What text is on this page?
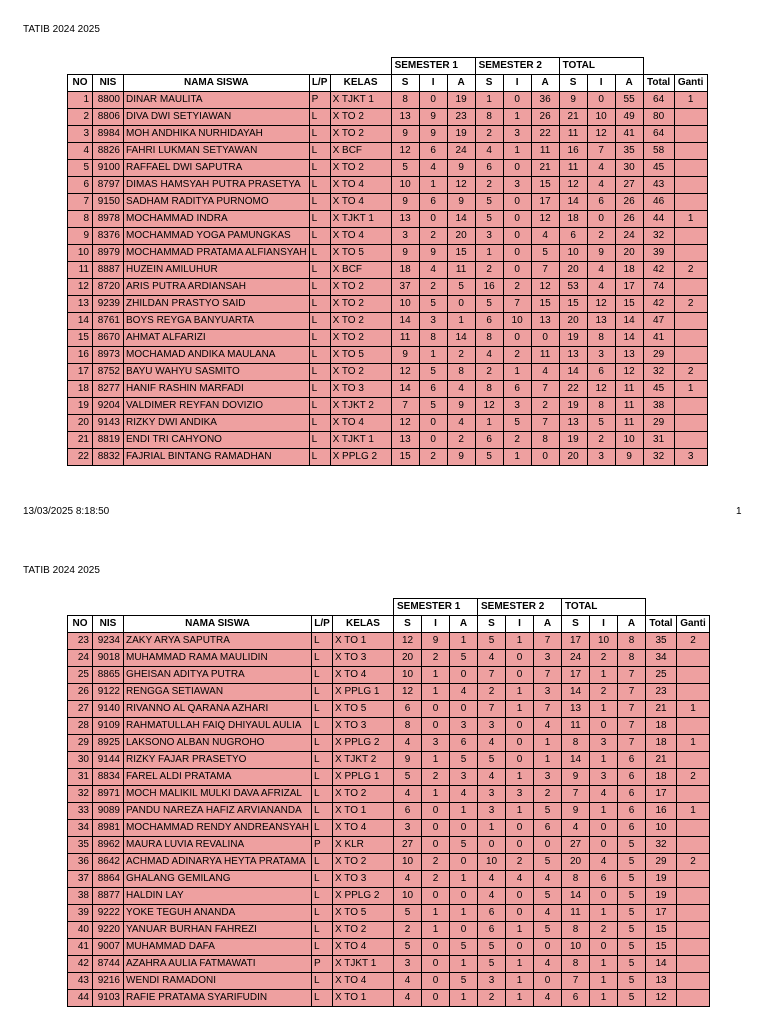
TATIB 2024 2025
					SEMESTER 1			SEMESTER 2			TOTAL				
NO	NIS	NAMA SISWA	L/P	KELAS	S	I	A	S	I	A	S	I	A	Total	Ganti
1	8800	DINAR MAULITA	P	X TJKT 1	8	0	19	1	0	36	9	0	55	64	1
2	8806	DIVA DWI SETYIAWAN	L	X TO 2	13	9	23	8	1	26	21	10	49	80	
3	8984	MOH ANDHIKA NURHIDAYAH	L	X TO 2	9	9	19	2	3	22	11	12	41	64	
4	8826	FAHRI LUKMAN SETYAWAN	L	X BCF	12	6	24	4	1	11	16	7	35	58	
5	9100	RAFFAEL DWI SAPUTRA	L	X TO 2	5	4	9	6	0	21	11	4	30	45	
6	8797	DIMAS HAMSYAH PUTRA PRASETYA	L	X TO 4	10	1	12	2	3	15	12	4	27	43	
7	9150	SADHAM RADITYA PURNOMO	L	X TO 4	9	6	9	5	0	17	14	6	26	46	
8	8978	MOCHAMMAD INDRA	L	X TJKT 1	13	0	14	5	0	12	18	0	26	44	1
9	8376	MOCHAMMAD YOGA PAMUNGKAS	L	X TO 4	3	2	20	3	0	4	6	2	24	32	
10	8979	MOCHAMMAD PRATAMA ALFIANSYAH	L	X TO 5	9	9	15	1	0	5	10	9	20	39	
11	8887	HUZEIN AMILUHUR	L	X BCF	18	4	11	2	0	7	20	4	18	42	2
12	8720	ARIS PUTRA ARDIANSAH	L	X TO 2	37	2	5	16	2	12	53	4	17	74	
13	9239	ZHILDAN PRASTYO SAID	L	X TO 2	10	5	0	5	7	15	15	12	15	42	2
14	8761	BOYS REYGA BANYUARTA	L	X TO 2	14	3	1	6	10	13	20	13	14	47	
15	8670	AHMAT ALFARIZI	L	X TO 2	11	8	14	8	0	0	19	8	14	41	
16	8973	MOCHAMAD ANDIKA MAULANA	L	X TO 5	9	1	2	4	2	11	13	3	13	29	
17	8752	BAYU WAHYU SASMITO	L	X TO 2	12	5	8	2	1	4	14	6	12	32	2
18	8277	HANIF RASHIN MARFADI	L	X TO 3	14	6	4	8	6	7	22	12	11	45	1
19	9204	VALDIMER REYFAN DOVIZIO	L	X TJKT 2	7	5	9	12	3	2	19	8	11	38	
20	9143	RIZKY DWI ANDIKA	L	X TO 4	12	0	4	1	5	7	13	5	11	29	
21	8819	ENDI TRI CAHYONO	L	X TJKT 1	13	0	2	6	2	8	19	2	10	31	
22	8832	FAJRIAL BINTANG RAMADHAN	L	X PPLG 2	15	2	9	5	1	0	20	3	9	32	3
13/03/2025 8:18:50	1
TATIB 2024 2025
					SEMESTER 1			SEMESTER 2			TOTAL				
NO	NIS	NAMA SISWA	L/P	KELAS	S	I	A	S	I	A	S	I	A	Total	Ganti
23	9234	ZAKY ARYA SAPUTRA	L	X TO 1	12	9	1	5	1	7	17	10	8	35	2
24	9018	MUHAMMAD RAMA MAULIDIN	L	X TO 3	20	2	5	4	0	3	24	2	8	34	
25	8865	GHEISAN ADITYA PUTRA	L	X TO 4	10	1	0	7	0	7	17	1	7	25	
26	9122	RENGGA SETIAWAN	L	X PPLG 1	12	1	4	2	1	3	14	2	7	23	
27	9140	RIVANNO AL QARANA AZHARI	L	X TO 5	6	0	0	7	1	7	13	1	7	21	1
28	9109	RAHMATULLAH FAIQ DHIYAUL AULIA	L	X TO 3	8	0	3	3	0	4	11	0	7	18	
29	8925	LAKSONO ALBAN NUGROHO	L	X PPLG 2	4	3	6	4	0	1	8	3	7	18	1
30	9144	RIZKY FAJAR PRASETYO	L	X TJKT 2	9	1	5	5	0	1	14	1	6	21	
31	8834	FAREL ALDI PRATAMA	L	X PPLG 1	5	2	3	4	1	3	9	3	6	18	2
32	8971	MOCH MALIKIL MULKI DAVA AFRIZAL	L	X TO 2	4	1	4	3	3	2	7	4	6	17	
33	9089	PANDU NAREZA HAFIZ ARVIANANDA	L	X TO 1	6	0	1	3	1	5	9	1	6	16	1
34	8981	MOCHAMMAD RENDY ANDREANSYAH	L	X TO 4	3	0	0	1	0	6	4	0	6	10	
35	8962	MAURA LUVIA REVALINA	P	X KLR	27	0	5	0	0	0	27	0	5	32	
36	8642	ACHMAD ADINARYA HEYTA PRATAMA	L	X TO 2	10	2	0	10	2	5	20	4	5	29	2
37	8864	GHALANG GEMILANG	L	X TO 3	4	2	1	4	4	4	8	6	5	19	
38	8877	HALDIN LAY	L	X PPLG 2	10	0	0	4	0	5	14	0	5	19	
39	9222	YOKE TEGUH ANANDA	L	X TO 5	5	1	1	6	0	4	11	1	5	17	
40	9220	YANUAR BURHAN FAHREZI	L	X TO 2	2	1	0	6	1	5	8	2	5	15	
41	9007	MUHAMMAD DAFA	L	X TO 4	5	0	5	5	0	0	10	0	5	15	
42	8744	AZAHRA AULIA FATMAWATI	P	X TJKT 1	3	0	1	5	1	4	8	1	5	14	
43	9216	WENDI RAMADONI	L	X TO 4	4	0	5	3	1	0	7	1	5	13	
44	9103	RAFIE PRATAMA SYARIFUDIN	L	X TO 1	4	0	1	2	1	4	6	1	5	12	
